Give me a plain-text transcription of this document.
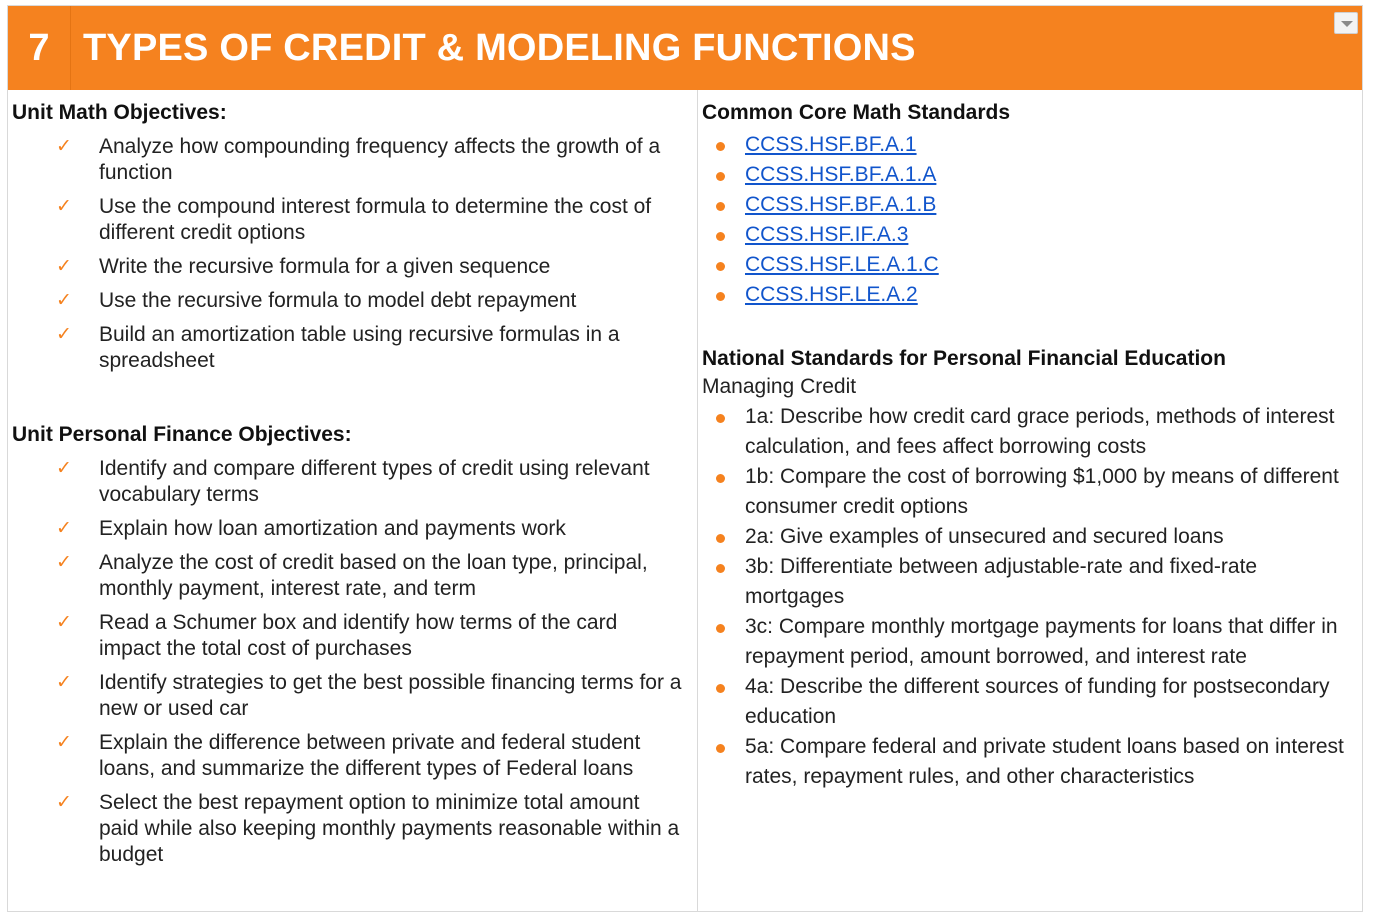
7 TYPES OF CREDIT & MODELING FUNCTIONS
Unit Math Objectives:
✓ Analyze how compounding frequency affects the growth of a function
✓ Use the compound interest formula to determine the cost of different credit options
✓ Write the recursive formula for a given sequence
✓ Use the recursive formula to model debt repayment
✓ Build an amortization table using recursive formulas in a spreadsheet
Unit Personal Finance Objectives:
✓ Identify and compare different types of credit using relevant vocabulary terms
✓ Explain how loan amortization and payments work
✓ Analyze the cost of credit based on the loan type, principal, monthly payment, interest rate, and term
✓ Read a Schumer box and identify how terms of the card impact the total cost of purchases
✓ Identify strategies to get the best possible financing terms for a new or used car
✓ Explain the difference between private and federal student loans, and summarize the different types of Federal loans
✓ Select the best repayment option to minimize total amount paid while also keeping monthly payments reasonable within a budget
Common Core Math Standards
CCSS.HSF.BF.A.1
CCSS.HSF.BF.A.1.A
CCSS.HSF.BF.A.1.B
CCSS.HSF.IF.A.3
CCSS.HSF.LE.A.1.C
CCSS.HSF.LE.A.2
National Standards for Personal Financial Education
Managing Credit
1a: Describe how credit card grace periods, methods of interest calculation, and fees affect borrowing costs
1b: Compare the cost of borrowing $1,000 by means of different consumer credit options
2a: Give examples of unsecured and secured loans
3b: Differentiate between adjustable-rate and fixed-rate mortgages
3c: Compare monthly mortgage payments for loans that differ in repayment period, amount borrowed, and interest rate
4a: Describe the different sources of funding for postsecondary education
5a: Compare federal and private student loans based on interest rates, repayment rules, and other characteristics
